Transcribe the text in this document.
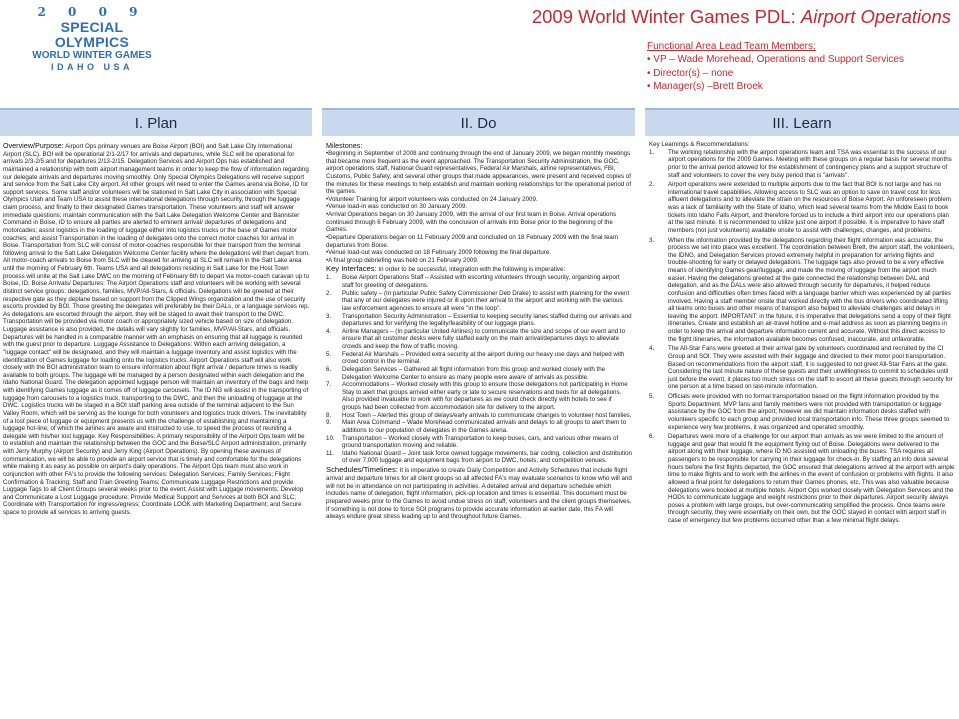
2 0 0 9
SPECIAL OLYMPICS
WORLD WINTER GAMES
IDAHO USA
2009 World Winter Games PDL: Airport Operations
Functional Area Lead Team Members:
• VP – Wade Morehead, Operations and Support Services
• Director(s) – none
• Manager(s) –Brett Broek
I. Plan	II. Do	III. Learn

Overview/Purpose: Airport Ops primary venues are Boise Airport (BOI) and Salt Lake City International Airport (SLC). BOI will be operational 2/1-2/17 for arrivals and departures, while SLC will be operational for arrivals 2/3-2/5 and for departures 2/13-2/15. Delegation Services and Airport Ops has established and maintained a relationship with both airport management teams in order to keep the flow of information regarding our delegate arrivals and departures moving smoothly. Only Special Olympics Delegations will receive support and service from the Salt Lake City airport. All other groups will need to enter the Games arena via Boise, ID for support services. Some staff and/or volunteers will be stationed in Salt Lake City in association with Special Olympics Utah and Team USA to assist these international delegations through security, through the luggage claim process, and finally to their designated Games transportation. These volunteers and staff will answer immediate questions; maintain communication with the Salt Lake Delegation Welcome Center and Bannister Command in Boise, ID to ensure all parties are alerted to eminent arrival/ departures of delegations and motorcades; assist logistics in the loading of luggage either into logistics trucks or the base of Games motor coaches; and assist Transportation in the loading of delegates onto the correct motor coaches for arrival in Boise. Transportation from SLC will consist of motor-coaches responsible for their transport from the terminal following arrival to the Salt Lake Delegation Welcome Center facility where the delegations will then depart from. All motor-coach arrivals to Boise from SLC will be cleared for arriving at SLC will remain in the Salt Lake area until the morning of February 6th. Teams USA and all delegations residing in Salt Lake for the Host Town process will unite at the Salt Lake DWC on the morning of February 6th to depart via motor-coach caravan up to Boise, ID. Boise Arrivals/ Departures: The Airport Operations staff and volunteers will be working with several distinct service groups: delegations, families, MVP/All-Stars, & officials. Delegations will be greeted at their respective gate as they deplane based on support from the Clipped Wings organization and the use of security escorts provided by BOI. Those greeting the delegates will preferably be their DALs, or a language services rep. As delegations are escorted through the airport, they will be staged to await their transport to the DWC. Transportation will be provided via motor coach or appropriately sized vehicle based on size of delegation. Luggage assistance is also provided, the details will vary slightly for families, MVP/All-Stars, and officials. Departures will be handled in a comparable manner with an emphasis on ensuring that all luggage is reunited with the guest prior to departure. Luggage Assistance to Delegations: Within each arriving delegation, a "luggage contact" will be designated, and they will maintain a luggage inventory and assist logistics with the identification of Games luggage for loading onto the logistics trucks. Airport Operations staff will also work closely with the BOI administration team to ensure information about flight arrival / departure times is readily available to both groups. The luggage will be managed by a person designated within each delegation and the Idaho National Guard. The delegation appointed luggage person will maintain an inventory of the bags and help with identifying Games luggage as it comes off of luggage carousels. The ID NG will assist in the transporting of luggage from carousels to a logistics truck, transporting to the DWC, and then the unloading of luggage at the DWC. Logistics trucks will be staged in a BOI staff parking area outside of the terminal adjacent to the Sun Valley Room, which will be serving as the lounge for both volunteers and logistics truck drivers. The inevitability of a lost piece of luggage or equipment presents us with the challenge of establishing and maintaining a luggage hot-line, of which the airlines are aware and instructed to use, to speed the process of reuniting a delegate with his/her lost luggage. Key Responsibilities: A primary responsibility of the Airport Ops team will be to establish and maintain the relationship between the GOC and the Boise/SLC Airport administration, primarily with Jerry Murphy (Airport Security) and Jerry King (Airport Operations). By opening these avenues of communication, we will be able to provide an airport service that is timely and comfortable for the delegations while making it as easy as possible on airport's daily operations. The Airport Ops team must also work in conjunction with other FA's to provide the following services: Delegation Services; Family Services; Flight Confirmation & Tracking; Staff and Train Greeting Teams; Communicate Luggage Restrictions and provide Luggage Tags to all Client Groups several weeks prior to the event; Assist with Luggage movements; Develop and Communicate a Lost Luggage procedure; Provide Medical Support and Services at both BOI and SLC; Coordinate with Transportation for ingress/egress; Coordinate LOOK with Marketing Department; and Secure space to provide all services to arriving guests.

Milestones:
•Beginning in September of 2008 and continuing through the end of January 2009, we began monthly meetings that became more frequent as the event approached. The Transportation Security Administration, the GOC, airport operations staff, National Guard representatives, Federal Air Marshals, airline representatives, FBI, Customs, Public Safety, and several other groups that made appearances, were present and received copies of the minutes for these meetings to help establish and maintain working relationships for the operational period of the games.
•Volunteer Training for airport volunteers was conducted on 24 January 2009.
•Venue load-in was conducted on 30 January 2009.
•Arrival Operations began on 30 January 2009, with the arrival of our first team in Boise. Arrival operations continued through 6 February 2009, with the conclusion of arrivals into Boise prior to the beginning of the Games.
•Departure Operations began on 11 February 2009 and concluded on 18 February 2009 with the final team departures from Boise.
•Venue load-out was conducted on 18 February 2009 following the final departure.
•A final group debriefing was held on 21 February 2009.
Key Interfaces: In order to be successful, integration with the following is imperative:
1. Boise Airport Operations Staff – Assisted with escorting volunteers through security, organizing airport staff for greeting of delegations.
2. Public safety – (In particular Public Safety Commissioner Deb Drake) to assist with planning for the event that any of our delegates were injured or ill upon their arrival to the airport and working with the various law enforcement agencies to ensure all were "in the loop".
3. Transportation Security Administration – Essential to keeping security lanes staffed during our arrivals and departures and for verifying the legality/feasibility of our luggage plans.
4. Airline Managers – (In particular United Airlines) to communicate the size and scope of our event and to ensure that all customer desks were fully staffed early on the main arrival/departures days to alleviate crowds and keep the flow of traffic moving.
5. Federal Air Marshals – Provided extra security at the airport during our heavy use days and helped with crowd control in the terminal.
6. Delegation Services – Gathered all flight information from this group and worked closely with the Delegation Welcome Center to ensure as many people were aware of arrivals as possible.
7. Accommodations – Worked closely with this group to ensure those delegations not participating in Home Stay to alert that groups arrived either early or late to secure reservations and beds for all delegations. Also provided invaluable to work with for departures as we could check directly with hotels to see if groups had been collected from accommodation site for delivery to the airport.
8. Host Town – Alerted this group of delays/early arrivals to communicate changes to volunteer host families.
9. Main Area Command – Wade Morehead communicated arrivals and delays to all groups to alert them to additions to our population of delegates in the Games arena.
10. Transportation – Worked closely with Transportation to keep buses, cars, and various other means of ground transportation moving and reliable.
11. Idaho National Guard – Joint task force owned luggage movements, bar coding, collection and distribution of over 7,000 luggage and equipment bags from airport to DWC, hotels, and competition venues.
Schedules/Timelines: It is imperative to create Daily Competition and Activity Schedules that include flight arrival and departure times for all client groups so all affected FA's may evaluate scenarios to know who will and will not be in attendance on not participating in activities. A detailed arrival and departure schedule which includes name of delegation, flight information, pick-up location and times is essential. This document must be prepared weeks prior to the Games to avoid undue stress on staff, volunteers and the client groups themselves. If something is not done to force SOI programs to provide accurate information at earlier date, this FA will always endure great stress leading up to and throughout future Games.
Key Learnings & Recommendations:
1. The working relationship with the airport operations team and TSA was essential to the success of our airport operations for the 2009 Games. Meeting with these groups on a regular basis for several months prior to the arrival period allowed for the establishment of contingency plans and a support structure of staff and volunteers to cover the very busy period that is "arrivals".
2. Airport operations were extended to multiple airports due to the fact that BOI is not large and has no international travel capabilities. Allowing access to SLC was an option to save on travel cost for less affluent delegations and to alleviate the strain on the resources of Boise Airport. An unforeseen problem was a lack of familiarity with the State of Idaho, which lead several teams from the Middle East to book tickets into Idaho Falls Airport, and therefore forced us to include a third airport into our operations plan at the last minute. It is recommended to utilize just one airport if possible. It is imperative to have staff members (not just volunteers) available onsite to assist with challenges, changes, and problems.
3. When the information provided by the delegations regarding their flight information was accurate, the process we set into place was excellent. The coordination between Brett, the airport staff, the volunteers, the IDNG, and Delegation Services proved extremely helpful in preparation for arriving flights and trouble-shooting for early or delayed delegations. The luggage tags also proved to be a very effective means of identifying Games gear/luggage, and made the moving of luggage from the airport much easier. Having the delegations greeted at the gate connected the relationship between DAL and delegation, and as the DALs were also allowed through security for departures, it helped reduce confusion and difficulties often times faced with a language barrier which was experienced by all parties involved. Having a staff member onsite that worked directly with the bus drivers who coordinated lifting all teams onto buses and other means of transport also helped to alleviate challenges and delays in leaving the airport. IMPORTANT: in the future, it is imperative that delegations send a copy of their flight itineraries. Create and establish an air-travel hotline and e-mail address as soon as planning begins in order to keep the arrival and departure information current and accurate. Without this direct access to the flight itineraries, the information available becomes confused, inaccurate, and unfavorable.
4. The All-Star Fans were greeted at their arrival gate by volunteers coordinated and recruited by the CI Group and SOI. They were assisted with their luggage and directed to their motor pool transportation. Based on recommendations from the airport staff, it is suggested to not greet All-Star Fans at the gate. Considering the last minute nature of these guests and their unwillingness to commit to schedules until just before the event, it places too much stress on the staff to escort all these guests through security for one person at a time based on last-minute information.
5. Officials were provided with no formal transportation based on the flight information provided by the Sports Department. MVP fans and family members were not provided with transportation or luggage assistance by the GOC from the airport; however we did maintain information desks staffed with volunteers specific to each group and provided local transportation info. These three groups seemed to experience very few problems, it was organized and operated smoothly.
6. Departures were more of a challenge for our airport than arrivals as we were limited to the amount of luggage and gear that would fit the equipment flying out of Boise. Delegations were delivered to the airport along with their luggage, where ID NG assisted with unloading the buses. TSA requires all passengers to be responsible for carrying in their luggage for check-in. By staffing an info desk several hours before the first flights departed, the GOC ensured that delegations arrived at the airport with ample time to make flights and to work with the airlines in the event of confusion or problems with flights. It also allowed a final point for delegations to return their Games phones, etc. This was also valuable because delegations were booked at multiple hotels. Airport Ops worked closely with Delegation Services and the HODs to communicate luggage and weight restrictions prior to their departures. Airport security always poses a problem with large groups, but over-communicating simplified the process. Once teams were through security, they were essentially on their own, but the GOC stayed in contact with airport staff in case of emergency but few problems occurred other than a few minimal flight delays.
